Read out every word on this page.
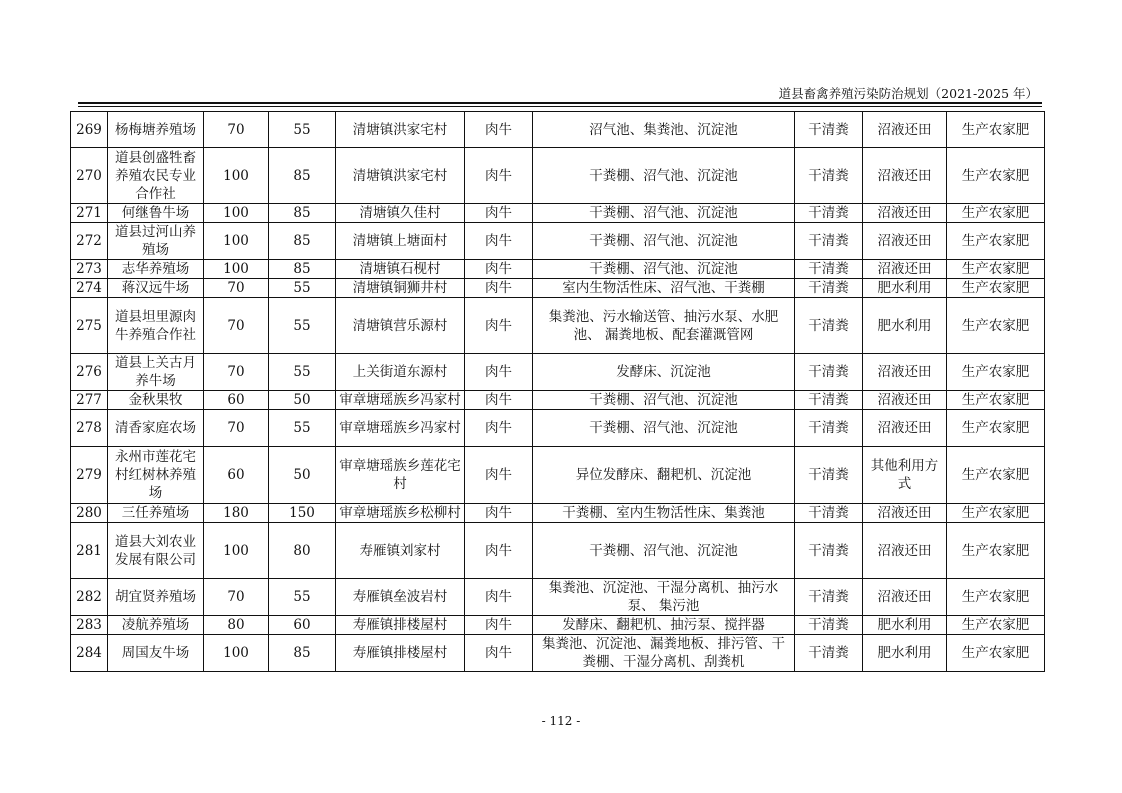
道县畜禽养殖污染防治规划（2021-2025 年）
269	杨梅塘养殖场	70	55	清塘镇洪家宅村	肉牛	沼气池、集粪池、沉淀池	干清粪	沼液还田	生产农家肥
270	道县创盛牲畜养殖农民专业合作社	100	85	清塘镇洪家宅村	肉牛	干粪棚、沼气池、沉淀池	干清粪	沼液还田	生产农家肥
271	何继鲁牛场	100	85	清塘镇久佳村	肉牛	干粪棚、沼气池、沉淀池	干清粪	沼液还田	生产农家肥
272	道县过河山养殖场	100	85	清塘镇上塘面村	肉牛	干粪棚、沼气池、沉淀池	干清粪	沼液还田	生产农家肥
273	志华养殖场	100	85	清塘镇石枧村	肉牛	干粪棚、沼气池、沉淀池	干清粪	沼液还田	生产农家肥
274	蒋汉远牛场	70	55	清塘镇铜狮井村	肉牛	室内生物活性床、沼气池、干粪棚	干清粪	肥水利用	生产农家肥
275	道县坦里源肉牛养殖合作社	70	55	清塘镇营乐源村	肉牛	集粪池、污水输送管、抽污水泵、水肥池、 漏粪地板、配套灌溉管网	干清粪	肥水利用	生产农家肥
276	道县上关古月养牛场	70	55	上关街道东源村	肉牛	发酵床、沉淀池	干清粪	沼液还田	生产农家肥
277	金秋果牧	60	50	审章塘瑶族乡冯家村	肉牛	干粪棚、沼气池、沉淀池	干清粪	沼液还田	生产农家肥
278	清香家庭农场	70	55	审章塘瑶族乡冯家村	肉牛	干粪棚、沼气池、沉淀池	干清粪	沼液还田	生产农家肥
279	永州市莲花宅村红树林养殖场	60	50	审章塘瑶族乡莲花宅村	肉牛	异位发酵床、翻耙机、沉淀池	干清粪	其他利用方式	生产农家肥
280	三任养殖场	180	150	审章塘瑶族乡松柳村	肉牛	干粪棚、室内生物活性床、集粪池	干清粪	沼液还田	生产农家肥
281	道县大刘农业发展有限公司	100	80	寿雁镇刘家村	肉牛	干粪棚、沼气池、沉淀池	干清粪	沼液还田	生产农家肥
282	胡宜贤养殖场	70	55	寿雁镇垒波岩村	肉牛	集粪池、沉淀池、干湿分离机、抽污水泵、 集污池	干清粪	沼液还田	生产农家肥
283	凌航养殖场	80	60	寿雁镇排楼屋村	肉牛	发酵床、翻耙机、抽污泵、搅拌器	干清粪	肥水利用	生产农家肥
284	周国友牛场	100	85	寿雁镇排楼屋村	肉牛	集粪池、沉淀池、漏粪地板、排污管、干 粪棚、干湿分离机、刮粪机	干清粪	肥水利用	生产农家肥
- 112 -
